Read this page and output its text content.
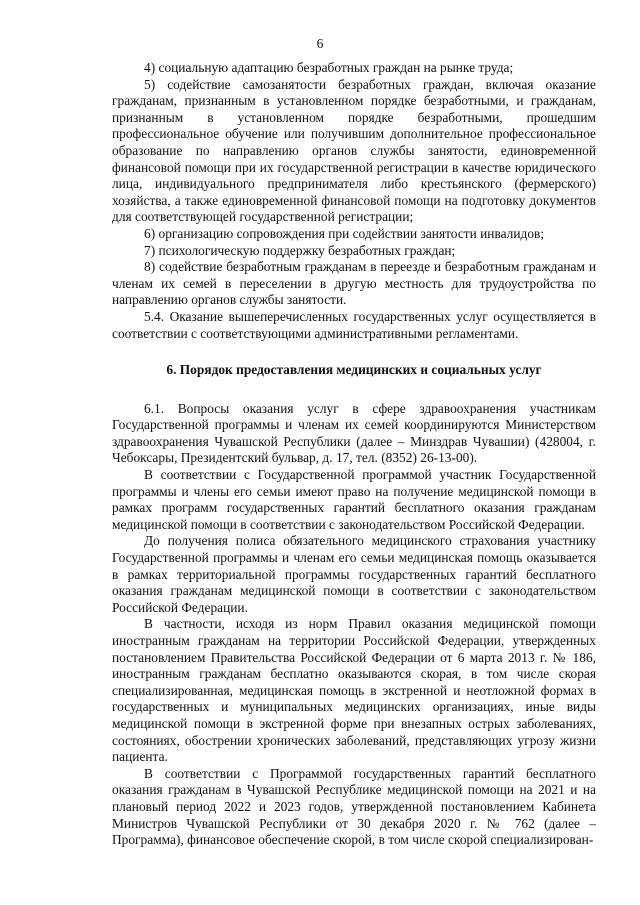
6

4) социальную адаптацию безработных граждан на рынке труда;

5) содействие самозанятости безработных граждан, включая оказание гражданам, признанным в установленном порядке безработными, и гражданам, признанным в установленном порядке безработными, прошедшим профессиональное обучение или получившим дополнительное профессиональное образование по направлению органов службы занятости, единовременной финансовой помощи при их государственной регистрации в качестве юридического лица, индивидуального предпринимателя либо крестьянского (фермерского) хозяйства, а также единовременной финансовой помощи на подготовку документов для соответствующей государственной регистрации;

6) организацию сопровождения при содействии занятости инвалидов;

7) психологическую поддержку безработных граждан;

8) содействие безработным гражданам в переезде и безработным гражданам и членам их семей в переселении в другую местность для трудоустройства по направлению органов службы занятости.

5.4. Оказание вышеперечисленных государственных услуг осуществляется в соответствии с соответствующими административными регламентами.

6. Порядок предоставления медицинских и социальных услуг

6.1. Вопросы оказания услуг в сфере здравоохранения участникам Государственной программы и членам их семей координируются Министерством здравоохранения Чувашской Республики (далее – Минздрав Чувашии) (428004, г. Чебоксары, Президентский бульвар, д. 17, тел. (8352) 26-13-00).

В соответствии с Государственной программой участник Государственной программы и члены его семьи имеют право на получение медицинской помощи в рамках программ государственных гарантий бесплатного оказания гражданам медицинской помощи в соответствии с законодательством Российской Федерации.

До получения полиса обязательного медицинского страхования участнику Государственной программы и членам его семьи медицинская помощь оказывается в рамках территориальной программы государственных гарантий бесплатного оказания гражданам медицинской помощи в соответствии с законодательством Российской Федерации.

В частности, исходя из норм Правил оказания медицинской помощи иностранным гражданам на территории Российской Федерации, утвержденных постановлением Правительства Российской Федерации от 6 марта 2013 г. № 186, иностранным гражданам бесплатно оказываются скорая, в том числе скорая специализированная, медицинская помощь в экстренной и неотложной формах в государственных и муниципальных медицинских организациях, иные виды медицинской помощи в экстренной форме при внезапных острых заболеваниях, состояниях, обострении хронических заболеваний, представляющих угрозу жизни пациента.

В соответствии с Программой государственных гарантий бесплатного оказания гражданам в Чувашской Республике медицинской помощи на 2021 и на плановый период 2022 и 2023 годов, утвержденной постановлением Кабинета Министров Чувашской Республики от 30 декабря 2020 г. № 762 (далее – Программа), финансовое обеспечение скорой, в том числе скорой специализирован-
